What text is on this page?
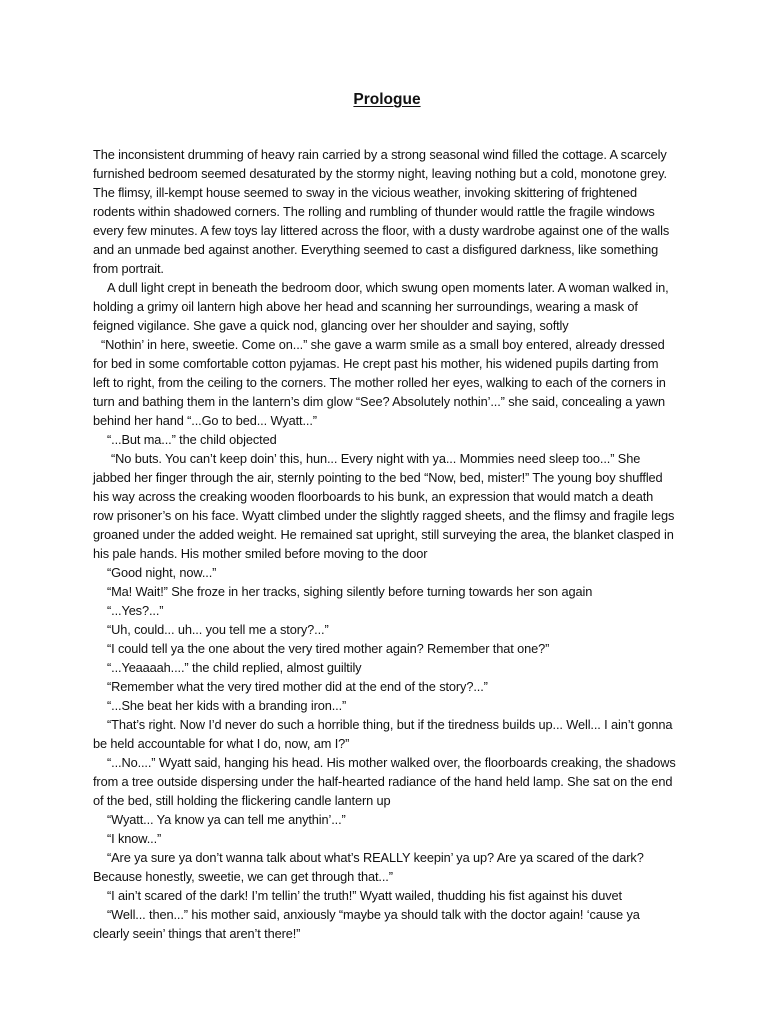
Prologue

The inconsistent drumming of heavy rain carried by a strong seasonal wind filled the cottage. A scarcely furnished bedroom seemed desaturated by the stormy night, leaving nothing but a cold, monotone grey. The flimsy, ill-kempt house seemed to sway in the vicious weather, invoking skittering of frightened rodents within shadowed corners. The rolling and rumbling of thunder would rattle the fragile windows every few minutes. A few toys lay littered across the floor, with a dusty wardrobe against one of the walls and an unmade bed against another. Everything seemed to cast a disfigured darkness, like something from portrait.

A dull light crept in beneath the bedroom door, which swung open moments later. A woman walked in, holding a grimy oil lantern high above her head and scanning her surroundings, wearing a mask of feigned vigilance. She gave a quick nod, glancing over her shoulder and saying, softly

“Nothin’ in here, sweetie. Come on...” she gave a warm smile as a small boy entered, already dressed for bed in some comfortable cotton pyjamas. He crept past his mother, his widened pupils darting from left to right, from the ceiling to the corners. The mother rolled her eyes, walking to each of the corners in turn and bathing them in the lantern’s dim glow “See? Absolutely nothin’...” she said, concealing a yawn behind her hand “...Go to bed... Wyatt...”

“...But ma...” the child objected

“No buts. You can’t keep doin’ this, hun... Every night with ya... Mommies need sleep too...” She jabbed her finger through the air, sternly pointing to the bed “Now, bed, mister!” The young boy shuffled his way across the creaking wooden floorboards to his bunk, an expression that would match a death row prisoner’s on his face. Wyatt climbed under the slightly ragged sheets, and the flimsy and fragile legs groaned under the added weight. He remained sat upright, still surveying the area, the blanket clasped in his pale hands. His mother smiled before moving to the door

“Good night, now...”

“Ma! Wait!” She froze in her tracks, sighing silently before turning towards her son again

“...Yes?...”

“Uh, could... uh... you tell me a story?...”

“I could tell ya the one about the very tired mother again? Remember that one?”

“...Yeaaaah....” the child replied, almost guiltily

“Remember what the very tired mother did at the end of the story?...”

“...She beat her kids with a branding iron...”

“That’s right. Now I’d never do such a horrible thing, but if the tiredness builds up... Well... I ain’t gonna be held accountable for what I do, now, am I?”

“...No....” Wyatt said, hanging his head. His mother walked over, the floorboards creaking, the shadows from a tree outside dispersing under the half-hearted radiance of the hand held lamp. She sat on the end of the bed, still holding the flickering candle lantern up

“Wyatt... Ya know ya can tell me anythin’...”

“I know...”

“Are ya sure ya don’t wanna talk about what’s REALLY keepin’ ya up? Are ya scared of the dark? Because honestly, sweetie, we can get through that...”

“I ain’t scared of the dark! I’m tellin’ the truth!” Wyatt wailed, thudding his fist against his duvet

“Well... then...” his mother said, anxiously “maybe ya should talk with the doctor again! ‘cause ya clearly seein’ things that aren’t there!”
